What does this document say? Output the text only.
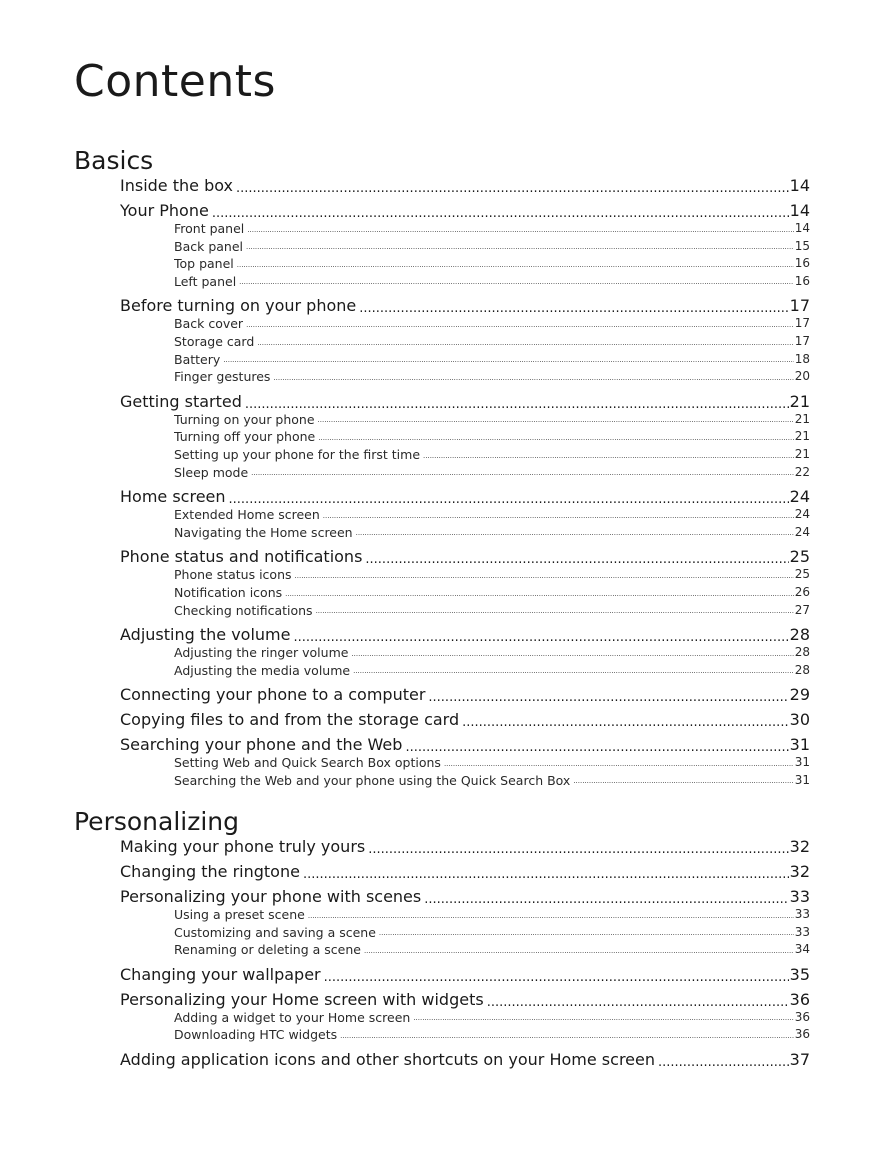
Contents
Basics
Inside the box .....	14
Your Phone .....	14
Front panel .....	14
Back panel .....	15
Top panel .....	16
Left panel .....	16
Before turning on your phone .....	17
Back cover .....	17
Storage card .....	17
Battery .....	18
Finger gestures .....	20
Getting started .....	21
Turning on your phone .....	21
Turning off your phone .....	21
Setting up your phone for the first time .....	21
Sleep mode .....	22
Home screen .....	24
Extended Home screen .....	24
Navigating the Home screen .....	24
Phone status and notifications .....	25
Phone status icons .....	25
Notification icons .....	26
Checking notifications .....	27
Adjusting the volume .....	28
Adjusting the ringer volume .....	28
Adjusting the media volume .....	28
Connecting your phone to a computer .....	29
Copying files to and from the storage card .....	30
Searching your phone and the Web .....	31
Setting Web and Quick Search Box options .....	31
Searching the Web and your phone using the Quick Search Box .....	31
Personalizing
Making your phone truly yours .....	32
Changing the ringtone .....	32
Personalizing your phone with scenes .....	33
Using a preset scene .....	33
Customizing and saving a scene .....	33
Renaming or deleting a scene .....	34
Changing your wallpaper .....	35
Personalizing your Home screen with widgets .....	36
Adding a widget to your Home screen .....	36
Downloading HTC widgets .....	36
Adding application icons and other shortcuts on your Home screen .....	37
